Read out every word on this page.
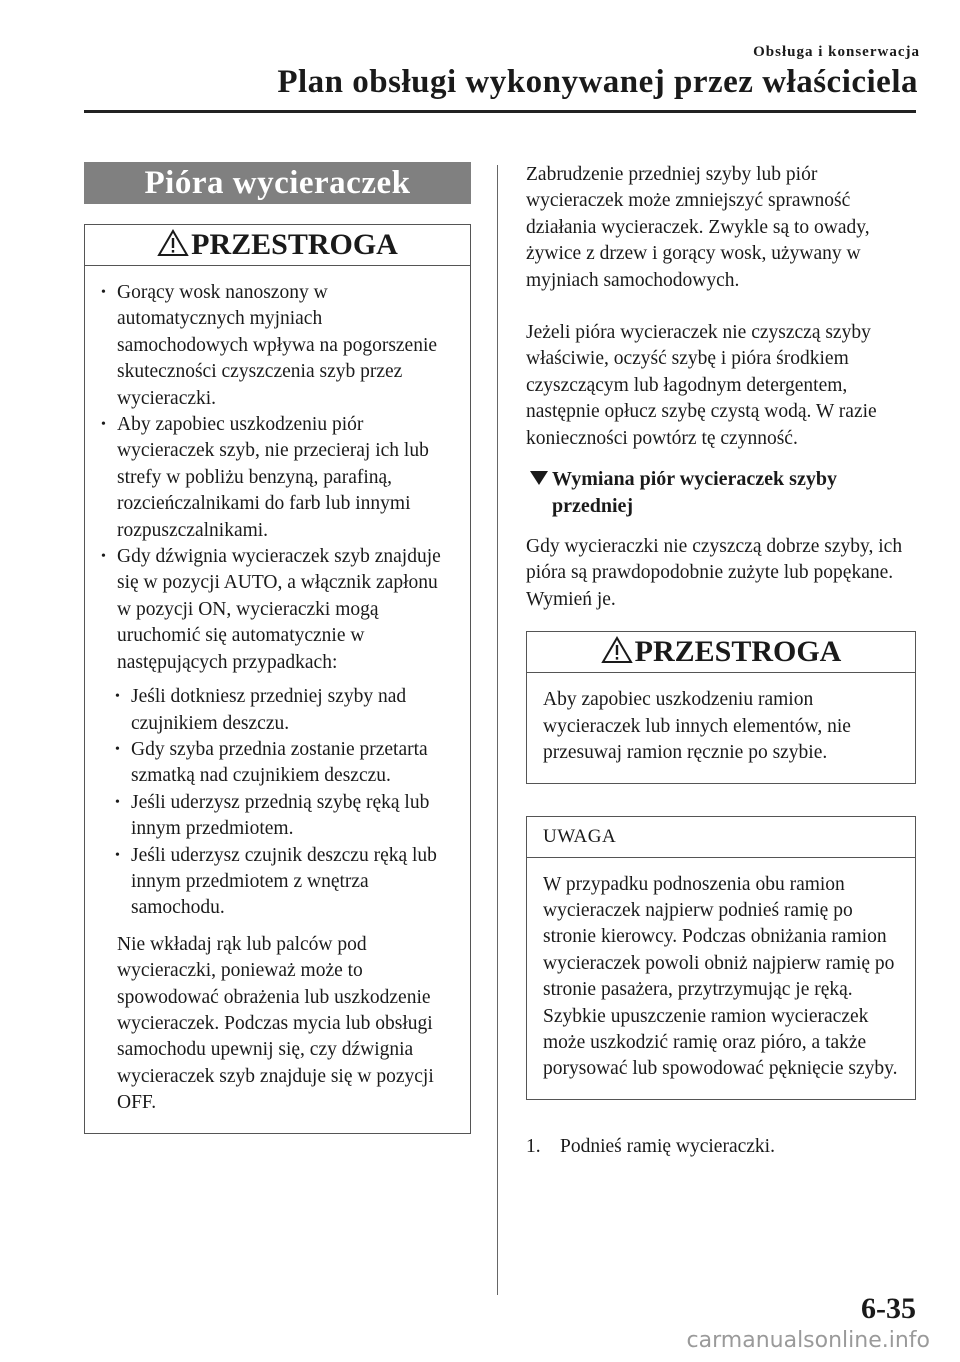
Obsługa i konserwacja
Plan obsługi wykonywanej przez właściciela
Pióra wycieraczek
PRZESTROGA
• Gorący wosk nanoszony w automatycznych myjniach samochodowych wpływa na pogorszenie skuteczności czyszczenia szyb przez wycieraczki.
• Aby zapobiec uszkodzeniu piór wycieraczek szyb, nie przecieraj ich lub strefy w pobliżu benzyną, parafiną, rozcieńczalnikami do farb lub innymi rozpuszczalnikami.
• Gdy dźwignia wycieraczek szyb znajduje się w pozycji AUTO, a włącznik zapłonu w pozycji ON, wycieraczki mogą uruchomić się automatycznie w następujących przypadkach:
• Jeśli dotkniesz przedniej szyby nad czujnikiem deszczu.
• Gdy szyba przednia zostanie przetarta szmatką nad czujnikiem deszczu.
• Jeśli uderzysz przednią szybę ręką lub innym przedmiotem.
• Jeśli uderzysz czujnik deszczu ręką lub innym przedmiotem z wnętrza samochodu.
Nie wkładaj rąk lub palców pod wycieraczki, ponieważ może to spowodować obrażenia lub uszkodzenie wycieraczek. Podczas mycia lub obsługi samochodu upewnij się, czy dźwignia wycieraczek szyb znajduje się w pozycji OFF.
Zabrudzenie przedniej szyby lub piór wycieraczek może zmniejszyć sprawność działania wycieraczek. Zwykle są to owady, żywice z drzew i gorący wosk, używany w myjniach samochodowych.
Jeżeli pióra wycieraczek nie czyszczą szyby właściwie, oczyść szybę i pióra środkiem czyszczącym lub łagodnym detergentem, następnie opłucz szybę czystą wodą. W razie konieczności powtórz tę czynność.
Wymiana piór wycieraczek szyby przedniej
Gdy wycieraczki nie czyszczą dobrze szyby, ich pióra są prawdopodobnie zużyte lub popękane.
Wymień je.
PRZESTROGA
Aby zapobiec uszkodzeniu ramion wycieraczek lub innych elementów, nie przesuwaj ramion ręcznie po szybie.
UWAGA
W przypadku podnoszenia obu ramion wycieraczek najpierw podnieś ramię po stronie kierowcy. Podczas obniżania ramion wycieraczek powoli obniż najpierw ramię po stronie pasażera, przytrzymując je ręką. Szybkie upuszczenie ramion wycieraczek może uszkodzić ramię oraz pióro, a także porysować lub spowodować pęknięcie szyby.
1. Podnieś ramię wycieraczki.
6-35
carmanualsonline.info
